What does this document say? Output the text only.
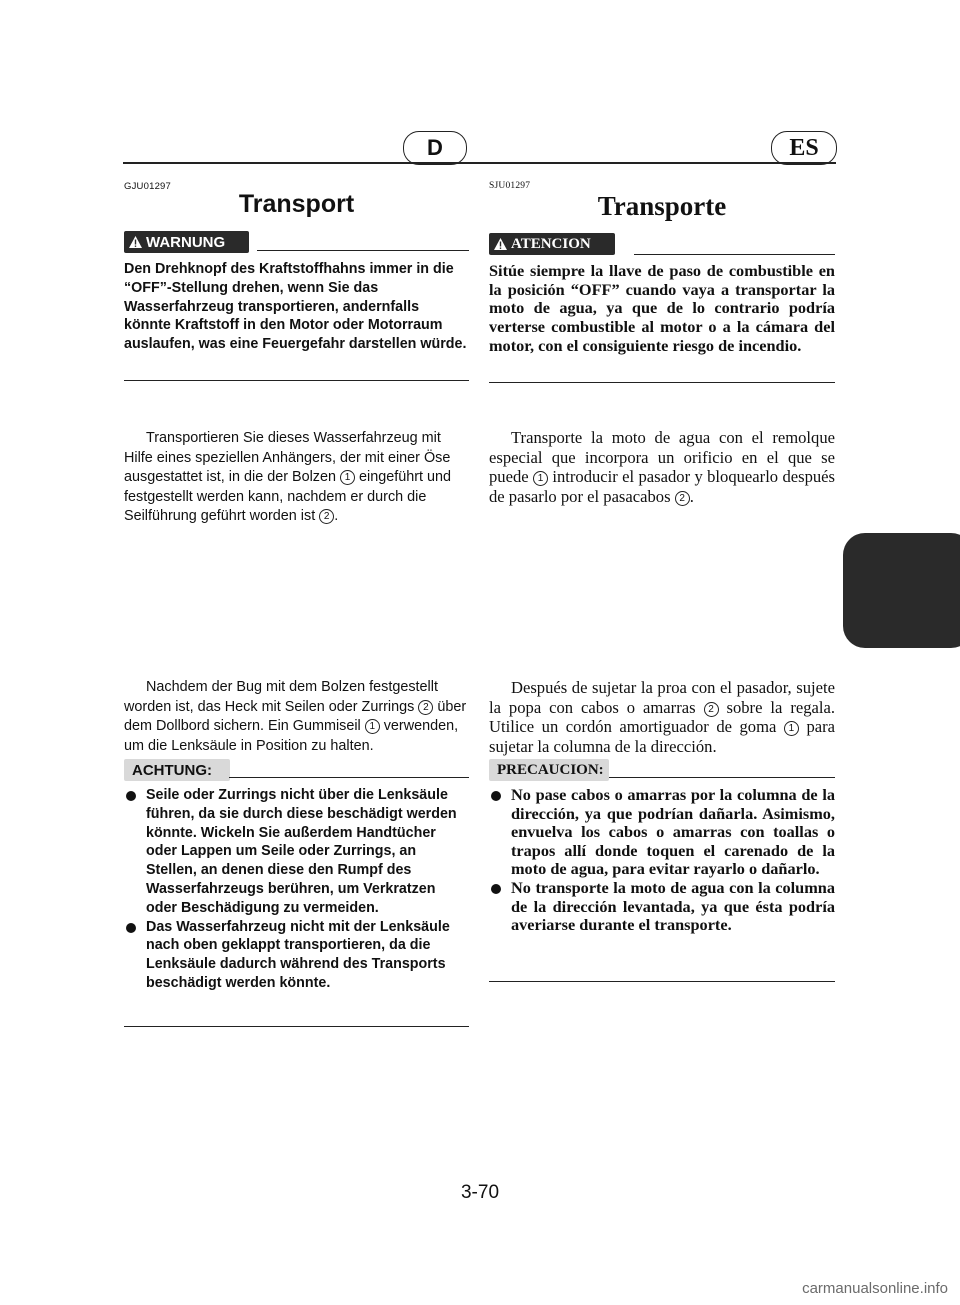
D	ES
GJU01297
Transport
WARNUNG
Den Drehknopf des Kraftstoffhahns immer in die “OFF”-Stellung drehen, wenn Sie das Wasserfahrzeug transportieren, andernfalls könnte Kraftstoff in den Motor oder Motorraum auslaufen, was eine Feuergefahr darstellen würde.
Transportieren Sie dieses Wasserfahrzeug mit Hilfe eines speziellen Anhängers, der mit einer Öse ausgestattet ist, in die der Bolzen 1 eingeführt und festgestellt werden kann, nachdem er durch die Seilführung geführt worden ist 2 .
Nachdem der Bug mit dem Bolzen festgestellt worden ist, das Heck mit Seilen oder Zurrings 2 über dem Dollbord sichern. Ein Gummiseil 1 verwenden, um die Lenksäule in Position zu halten.
ACHTUNG:
Seile oder Zurrings nicht über die Lenksäule führen, da sie durch diese beschädigt werden könnte. Wickeln Sie außerdem Handtücher oder Lappen um Seile oder Zurrings, an Stellen, an denen diese den Rumpf des Wasserfahrzeugs berühren, um Verkratzen oder Beschädigung zu vermeiden.
Das Wasserfahrzeug nicht mit der Lenksäule nach oben geklappt transportieren, da die Lenksäule dadurch während des Transports beschädigt werden könnte.
SJU01297
Transporte
ATENCION
Sitúe siempre la llave de paso de combustible en la posición “OFF” cuando vaya a transportar la moto de agua, ya que de lo contrario podría verterse combustible al motor o a la cámara del motor, con el consiguiente riesgo de incendio.
Transporte la moto de agua con el remolque especial que incorpora un orificio en el que se puede 1 introducir el pasador y bloquearlo después de pasarlo por el pasacabos 2 .
Después de sujetar la proa con el pasador, sujete la popa con cabos o amarras 2 sobre la regala. Utilice un cordón amortiguador de goma 1 para sujetar la columna de la dirección.
PRECAUCION:
No pase cabos o amarras por la columna de la dirección, ya que podrían dañarla. Asimismo, envuelva los cabos o amarras con toallas o trapos allí donde toquen el carenado de la moto de agua, para evitar rayarlo o dañarlo.
No transporte la moto de agua con la columna de la dirección levantada, ya que ésta podría averiarse durante el transporte.
3-70
carmanualsonline.info
